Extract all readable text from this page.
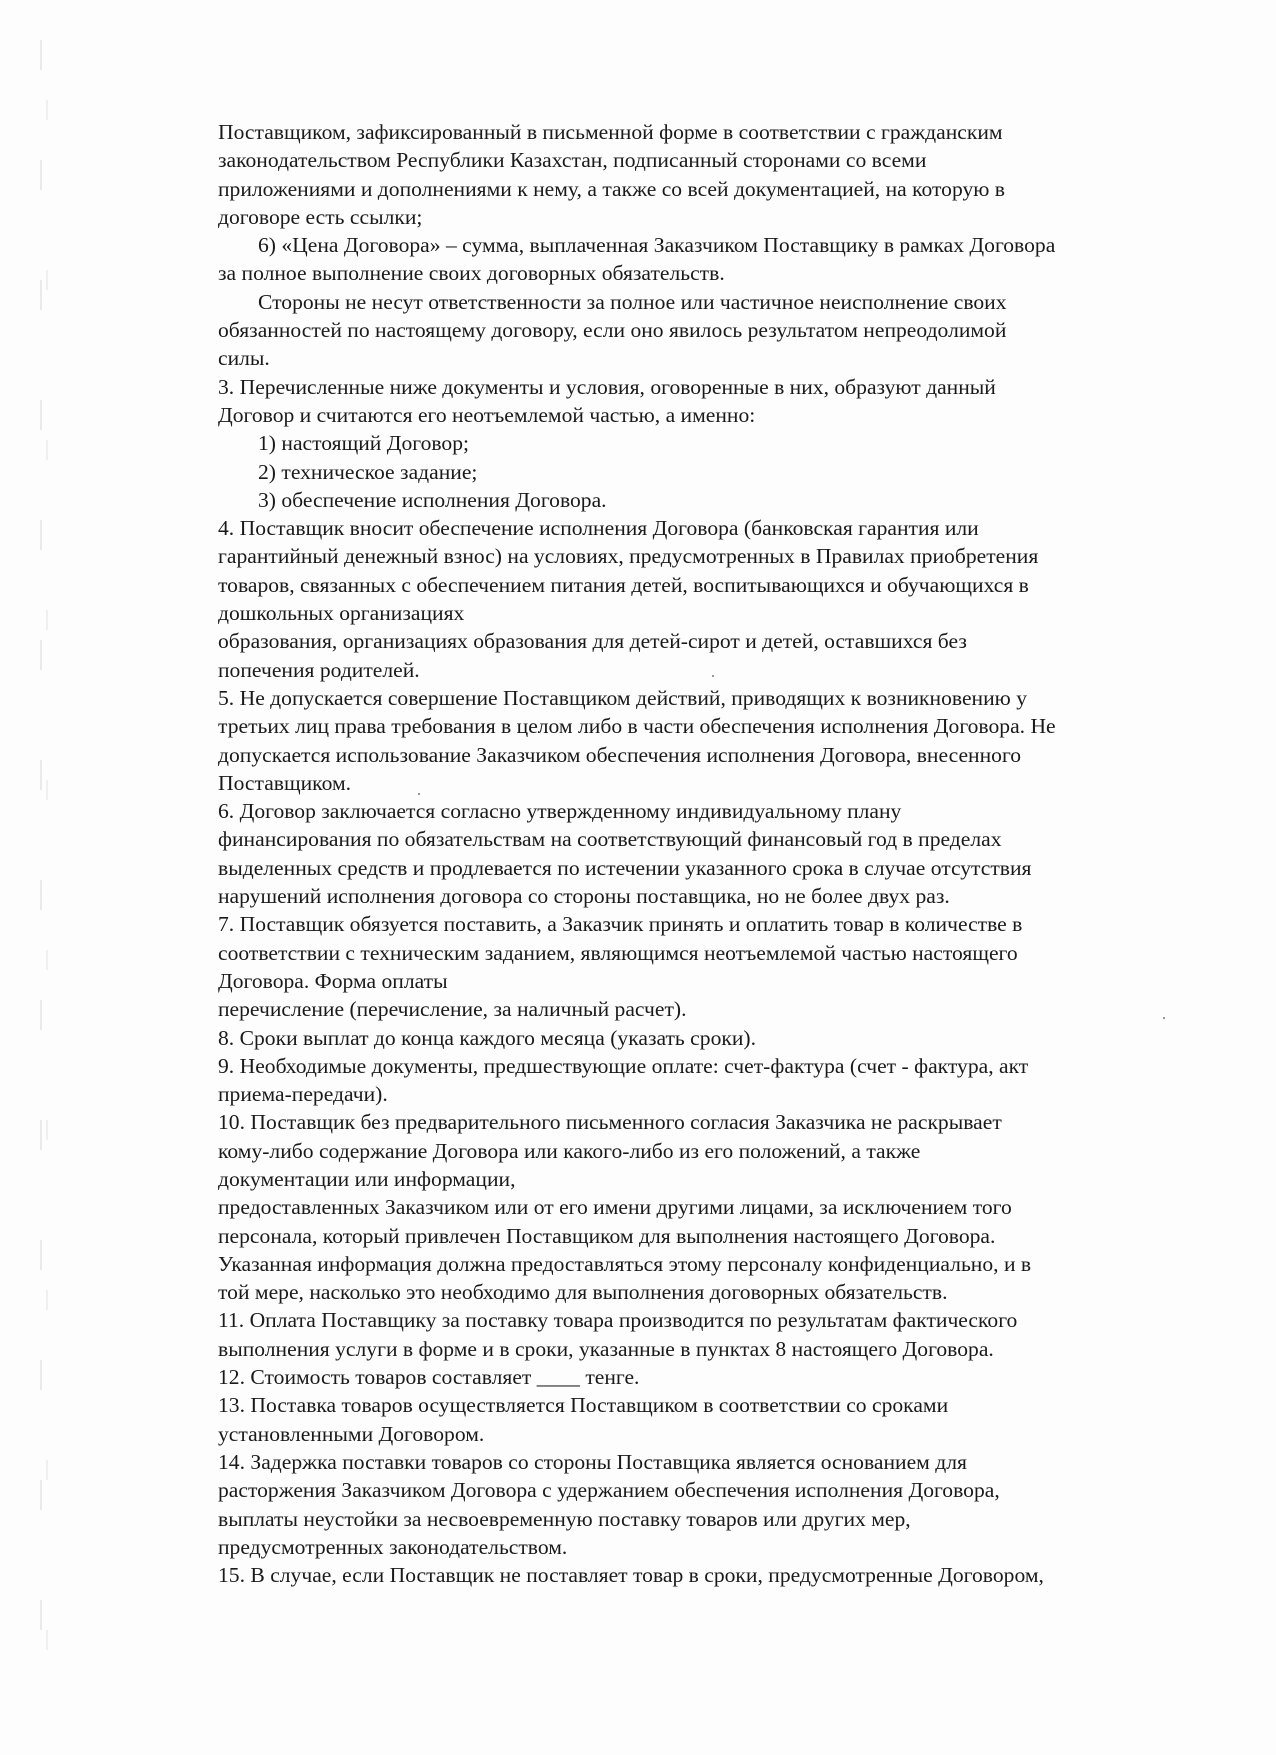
Поставщиком, зафиксированный в письменной форме в соответствии с гражданским
законодательством Республики Казахстан, подписанный сторонами со всеми
приложениями и дополнениями к нему, а также со всей документацией, на которую в
договоре есть ссылки;
6) «Цена Договора» – сумма, выплаченная Заказчиком Поставщику в рамках Договора
за полное выполнение своих договорных обязательств.
Стороны не несут ответственности за полное или частичное неисполнение своих
обязанностей по настоящему договору, если оно явилось результатом непреодолимой
силы.
3. Перечисленные ниже документы и условия, оговоренные в них, образуют данный
Договор и считаются его неотъемлемой частью, а именно:
1) настоящий Договор;
2) техническое задание;
3) обеспечение исполнения Договора.
4. Поставщик вносит обеспечение исполнения Договора (банковская гарантия или
гарантийный денежный взнос) на условиях, предусмотренных в Правилах приобретения
товаров, связанных с обеспечением питания детей, воспитывающихся и обучающихся в
дошкольных организациях
образования, организациях образования для детей-сирот и детей, оставшихся без
попечения родителей.
5. Не допускается совершение Поставщиком действий, приводящих к возникновению у
третьих лиц права требования в целом либо в части обеспечения исполнения Договора. Не
допускается использование Заказчиком обеспечения исполнения Договора, внесенного
Поставщиком.
6. Договор заключается согласно утвержденному индивидуальному плану
финансирования по обязательствам на соответствующий финансовый год в пределах
выделенных средств и продлевается по истечении указанного срока в случае отсутствия
нарушений исполнения договора со стороны поставщика, но не более двух раз.
7. Поставщик обязуется поставить, а Заказчик принять и оплатить товар в количестве в
соответствии с техническим заданием, являющимся неотъемлемой частью настоящего
Договора. Форма оплаты
перечисление (перечисление, за наличный расчет).
8. Сроки выплат до конца каждого месяца (указать сроки).
9. Необходимые документы, предшествующие оплате: счет-фактура (счет - фактура, акт
приема-передачи).
10. Поставщик без предварительного письменного согласия Заказчика не раскрывает
кому-либо содержание Договора или какого-либо из его положений, а также
документации или информации,
предоставленных Заказчиком или от его имени другими лицами, за исключением того
персонала, который привлечен Поставщиком для выполнения настоящего Договора.
Указанная информация должна предоставляться этому персоналу конфиденциально, и в
той мере, насколько это необходимо для выполнения договорных обязательств.
11. Оплата Поставщику за поставку товара производится по результатам фактического
выполнения услуги в форме и в сроки, указанные в пунктах 8 настоящего Договора.
12. Стоимость товаров составляет ____ тенге.
13. Поставка товаров осуществляется Поставщиком в соответствии со сроками
установленными Договором.
14. Задержка поставки товаров со стороны Поставщика является основанием для
расторжения Заказчиком Договора с удержанием обеспечения исполнения Договора,
выплаты неустойки за несвоевременную поставку товаров или других мер,
предусмотренных законодательством.
15. В случае, если Поставщик не поставляет товар в сроки, предусмотренные Договором,
